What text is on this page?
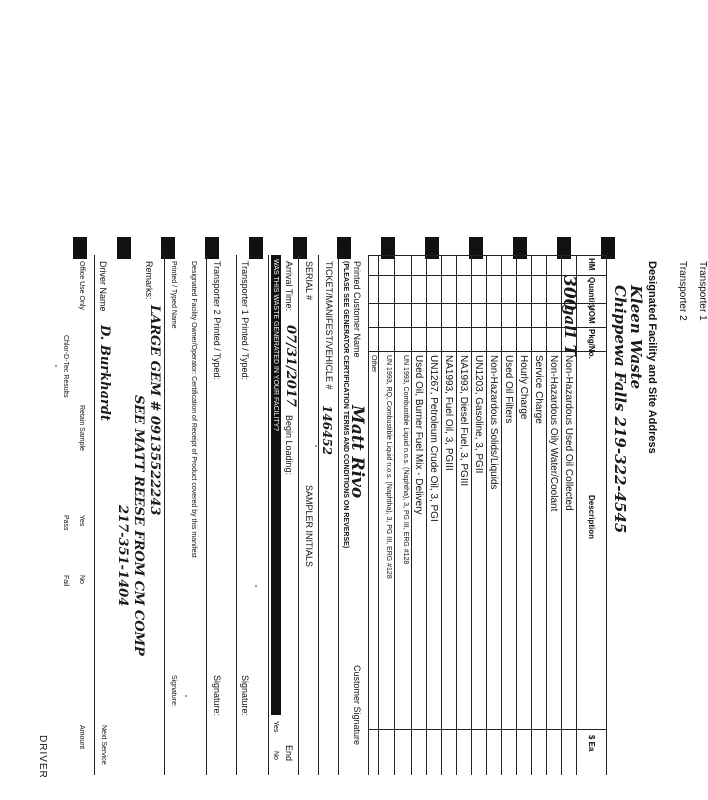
Transporter 1
Transporter 2
Designated Facility and Site Address
Kleen Waste
Chippewa Falls 219-322-4545
HM
Quantity
UOM
Pkg/No.
Description
$ Ea
Non-Hazardous Used Oil Collected
Non-Hazardous Oily Water/Coolant
Service Charge
Hourly Charge
Used Oil Filters
Non-Hazardous Solids/Liquids
UN1203, Gasoline, 3, PGII
NA1993, Diesel Fuel, 3, PGIII
NA1993, Fuel Oil, 3, PGIII
UN1267, Petroleum Crude Oil, 3, PGI
Used Oil, Burner Fuel Mix - Delivery
UN 1993, Combustible Liquid n.o.s. (Naphtha), 3, PG III, ERG #128
UN 1993, RQ, Combustible Liquid n.o.s. (Naphtha), 3, PG III, ERG #128
Other
300
gal
1 T
Printed Customer Name
Matt Rivo
Customer Signature
(PLEASE SEE GENERATOR CERTIFICATION TERMS AND CONDITIONS ON REVERSE)
TICKET/MANIFEST/VEHICLE #
146452
SERIAL #
SAMPLER INITIALS
Arrival Time:
07/31/2017
Begin Loading:
End
WAS THIS WASTE GENERATED IN YOUR FACILITY?
Yes
No
Transporter 1 Printed / Typed:
Signature:
Transporter 2 Printed / Typed:
Signature:
Designated Facility Owner/Operator: Certification of Receipt of Product covered by this manifest
Printed / Typed Name
Signature:
Remarks:
LARGE GEM # 09135522243
SEE MATT REESE FROM CM COMP
217-351-1404
Driver Name
D. Burkhardt
Next Service
Office Use Only
Retain Sample
Yes
No
Amount
Chlor-D-Tec Results
Pass
Fail
DRIVER
